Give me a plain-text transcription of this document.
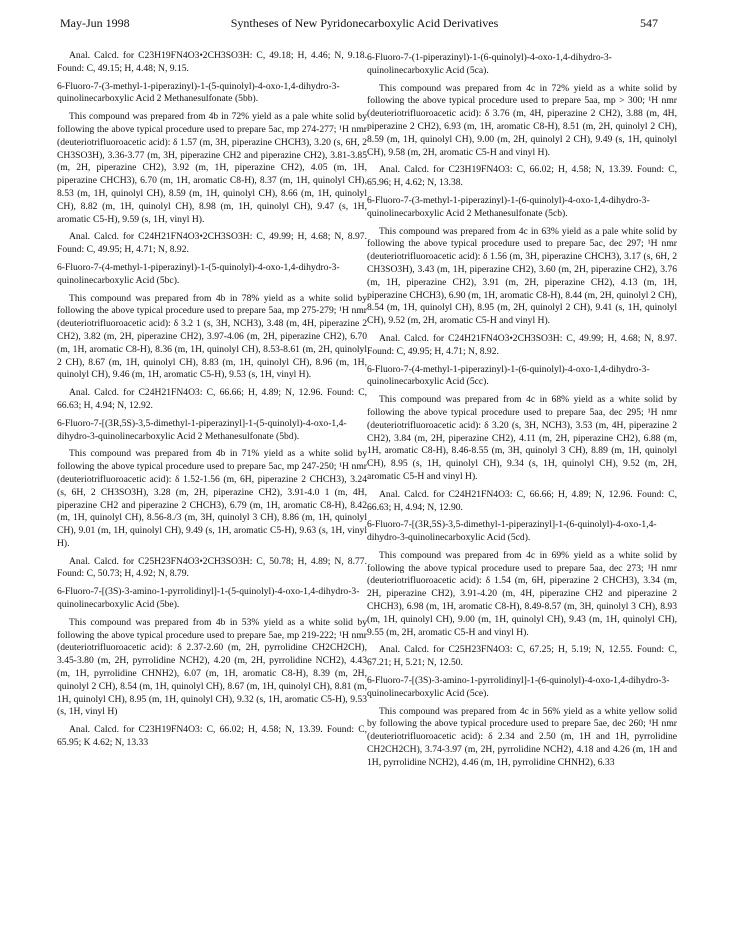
May-Jun 1998	Syntheses of New Pyridonecarboxylic Acid Derivatives	547

Anal. Calcd. for C23H19FN4O3•2CH3SO3H: C, 49.18; H, 4.46; N, 9.18. Found: C, 49.15; H, 4.48; N, 9.15.

6-Fluoro-7-(3-methyl-1-piperazinyl)-1-(5-quinolyl)-4-oxo-1,4-dihydro-3-quinolinecarboxylic Acid 2 Methanesulfonate (5bb).

This compound was prepared from 4b in 72% yield as a pale white solid by following the above typical procedure used to prepare 5ac, mp 274-277; ¹H nmr (deuteriotrifluoroacetic acid): δ 1.57 (m, 3H, piperazine CHCH3), 3.20 (s, 6H, 2 CH3SO3H), 3.36-3.77 (m, 3H, piperazine CH2 and piperazine CH2), 3.81-3.85 (m, 2H, piperazine CH2), 3.92 (m, 1H, piperazine CH2), 4.05 (m, 1H, piperazine CHCH3), 6.70 (m, 1H, aromatic C8-H), 8.37 (m, 1H, quinolyl CH), 8.53 (m, 1H, quinolyl CH), 8.59 (m, 1H, quinolyl CH), 8.66 (m, 1H, quinolyl CH), 8.82 (m, 1H, quinolyl CH), 8.98 (m, 1H, quinolyl CH), 9.47 (s, 1H, aromatic C5-H), 9.59 (s, 1H, vinyl H).

Anal. Calcd. for C24H21FN4O3•2CH3SO3H: C, 49.99; H, 4.68; N, 8.97. Found: C, 49.95; H, 4.71; N, 8.92.

6-Fluoro-7-(4-methyl-1-piperazinyl)-1-(5-quinolyl)-4-oxo-1,4-dihydro-3-quinolinecarboxylic Acid (5bc).

This compound was prepared from 4b in 78% yield as a white solid by following the above typical procedure used to prepare 5aa, mp 275-279; ¹H nmr (deuteriotrifluoroacetic acid): δ 3.2 1 (s, 3H, NCH3), 3.48 (m, 4H, piperazine 2 CH2), 3.82 (m, 2H, piperazine CH2), 3.97-4.06 (m, 2H, piperazine CH2), 6.70 (m, 1H, aromatic C8-H), 8.36 (m, 1H, quinolyl CH), 8.53-8.61 (m, 2H, quinolyl 2 CH), 8.67 (m, 1H, quinolyl CH), 8.83 (m, 1H, quinolyl CH), 8.96 (m, 1H, quinolyl CH), 9.46 (m, 1H, aromatic C5-H), 9.53 (s, 1H, vinyl H).

Anal. Calcd. for C24H21FN4O3: C, 66.66; H, 4.89; N, 12.96. Found: C, 66.63; H, 4.94; N, 12.92.

6-Fluoro-7-[(3R,5S)-3,5-dimethyl-1-piperazinyl]-1-(5-quinolyl)-4-oxo-1,4-dihydro-3-quinolinecarboxylic Acid 2 Methanesulfonate (5bd).

This compound was prepared from 4b in 71% yield as a white solid by following the above typical procedure used to prepare 5ac, mp 247-250; ¹H nmr (deuteriotrifluoroacetic acid): δ 1.52-1.56 (m, 6H, piperazine 2 CHCH3), 3.24 (s, 6H, 2 CH3SO3H), 3.28 (m, 2H, piperazine CH2), 3.91-4.0 1 (m, 4H, piperazine CH2 and piperazine 2 CHCH3), 6.79 (m, 1H, aromatic C8-H), 8.42 (m, 1H, quinolyl CH), 8.56-8./3 (m, 3H, quinolyl 3 CH), 8.86 (m, 1H, quinolyl CH), 9.01 (m, 1H, quinolyl CH), 9.49 (s, 1H, aromatic C5-H), 9.63 (s, 1H, vinyl H).

Anal. Calcd. for C25H23FN4O3•2CH3SO3H: C, 50.78; H, 4.89; N, 8.77. Found: C, 50.73; H, 4.92; N, 8.79.

6-Fluoro-7-[(3S)-3-amino-1-pyrrolidinyl]-1-(5-quinolyl)-4-oxo-1,4-dihydro-3-quinolinecarboxylic Acid (5be).

This compound was prepared from 4b in 53% yield as a white solid by following the above typical procedure used to prepare 5ae, mp 219-222; ¹H nmr (deuteriotrifluoroacetic acid): δ 2.37-2.60 (m, 2H, pyrrolidine CH2CH2CH), 3.45-3.80 (m, 2H, pyrrolidine NCH2), 4.20 (m, 2H, pyrrolidine NCH2), 4.43 (m, 1H, pyrrolidine CHNH2), 6.07 (m, 1H, aromatic C8-H), 8.39 (m, 2H, quinolyl 2 CH), 8.54 (m, 1H, quinolyl CH), 8.67 (m, 1H, quinolyl CH), 8.81 (m, 1H, quinolyl CH), 8.95 (m, 1H, quinolyl CH), 9.32 (s, 1H, aromatic C5-H), 9.53 (s, 1H, vinyl H)

Anal. Calcd. for C23H19FN4O3: C, 66.02; H, 4.58; N, 13.39. Found: C, 65.95; K 4.62; N, 13.33

6-Fluoro-7-(1-piperazinyl)-1-(6-quinolyl)-4-oxo-1,4-dihydro-3-quinolinecarboxylic Acid (5ca).

This compound was prepared from 4c in 72% yield as a white solid by following the above typical procedure used to prepare 5aa, mp > 300; ¹H nmr (deuteriotrifluoroacetic acid): δ 3.76 (m, 4H, piperazine 2 CH2), 3.88 (m, 4H, piperazine 2 CH2), 6.93 (m, 1H, aromatic C8-H), 8.51 (m, 2H, quinolyl 2 CH), 8.59 (m, 1H, quinolyl CH), 9.00 (m, 2H, quinolyl 2 CH), 9.49 (s, 1H, quinolyl CH), 9.58 (m, 2H, aromatic C5-H and vinyl H).

Anal. Calcd. for C23H19FN4O3: C, 66.02; H, 4.58; N, 13.39. Found: C, 65.96; H, 4.62; N, 13.38.

6-Fluoro-7-(3-methyl-1-piperazinyl)-1-(6-quinolyl)-4-oxo-1,4-dihydro-3-quinolinecarboxylic Acid 2 Methanesulfonate (5cb).

This compound was prepared from 4c in 63% yield as a pale white solid by following the above typical procedure used to prepare 5ac, dec 297; ¹H nmr (deuteriotrifluoroacetic acid): δ 1.56 (m, 3H, piperazine CHCH3), 3.17 (s, 6H, 2 CH3SO3H), 3.43 (m, 1H, piperazine CH2), 3.60 (m, 2H, piperazine CH2), 3.76 (m, 1H, piperazine CH2), 3.91 (m, 2H, piperazine CH2), 4.13 (m, 1H, piperazine CHCH3), 6.90 (m, 1H, aromatic C8-H), 8.44 (m, 2H, quinolyl 2 CH), 8.54 (m, 1H, quinolyl CH), 8.95 (m, 2H, quinolyl 2 CH), 9.41 (s, 1H, quinolyl CH), 9.52 (m, 2H, aromatic C5-H and vinyl H).

Anal. Calcd. for C24H21FN4O3•2CH3SO3H: C, 49.99; H, 4.68; N, 8.97. Found: C, 49.95; H, 4.71; N, 8.92.

6-Fluoro-7-(4-methyl-1-piperazinyl)-1-(6-quinolyl)-4-oxo-1,4-dihydro-3-quinolinecarboxylic Acid (5cc).

This compound was prepared from 4c in 68% yield as a white solid by following the above typical procedure used to prepare 5aa, dec 295; ¹H nmr (deuteriotrifluoroacetic acid): δ 3.20 (s, 3H, NCH3), 3.53 (m, 4H, piperazine 2 CH2), 3.84 (m, 2H, piperazine CH2), 4.11 (m, 2H, piperazine CH2), 6.88 (m, 1H, aromatic C8-H), 8.46-8.55 (m, 3H, quinolyl 3 CH), 8.89 (m, 1H, quinolyl CH), 8.95 (s, 1H, quinolyl CH), 9.34 (s, 1H, quinolyl CH), 9.52 (m, 2H, aromatic C5-H and vinyl H).

Anal. Calcd. for C24H21FN4O3: C, 66.66; H, 4.89; N, 12.96. Found: C, 66.63; H, 4.94; N, 12.90.

6-Fluoro-7-[(3R,5S)-3,5-dimethyl-1-piperazinyl]-1-(6-quinolyl)-4-oxo-1,4-dihydro-3-quinolinecarboxylic Acid (5cd).

This compound was prepared from 4c in 69% yield as a white solid by following the above typical procedure used to prepare 5aa, dec 273; ¹H nmr (deuteriotrifluoroacetic acid): δ 1.54 (m, 6H, piperazine 2 CHCH3), 3.34 (m, 2H, piperazine CH2), 3.91-4.20 (m, 4H, piperazine CH2 and piperazine 2 CHCH3), 6.98 (m, 1H, aromatic C8-H), 8.49-8.57 (m, 3H, quinolyl 3 CH), 8.93 (m, 1H, quinolyl CH), 9.00 (m, 1H, quinolyl CH), 9.43 (m, 1H, quinolyl CH), 9.55 (m, 2H, aromatic C5-H and vinyl H).

Anal. Calcd. for C25H23FN4O3: C, 67.25; H, 5.19; N, 12.55. Found: C, 67.21; H, 5.21; N, 12.50.

6-Fluoro-7-[(3S)-3-amino-1-pyrrolidinyl]-1-(6-quinolyl)-4-oxo-1,4-dihydro-3-quinolinecarboxylic Acid (5ce).

This compound was prepared from 4c in 56% yield as a white yellow solid by following the above typical procedure used to prepare 5ae, dec 260; ¹H nmr (deuteriotrifluoroacetic acid): δ 2.34 and 2.50 (m, 1H and 1H, pyrrolidine CH2CH2CH), 3.74-3.97 (m, 2H, pyrrolidine NCH2), 4.18 and 4.26 (m, 1H and 1H, pyrrolidine NCH2), 4.46 (m, 1H, pyrrolidine CHNH2), 6.33
